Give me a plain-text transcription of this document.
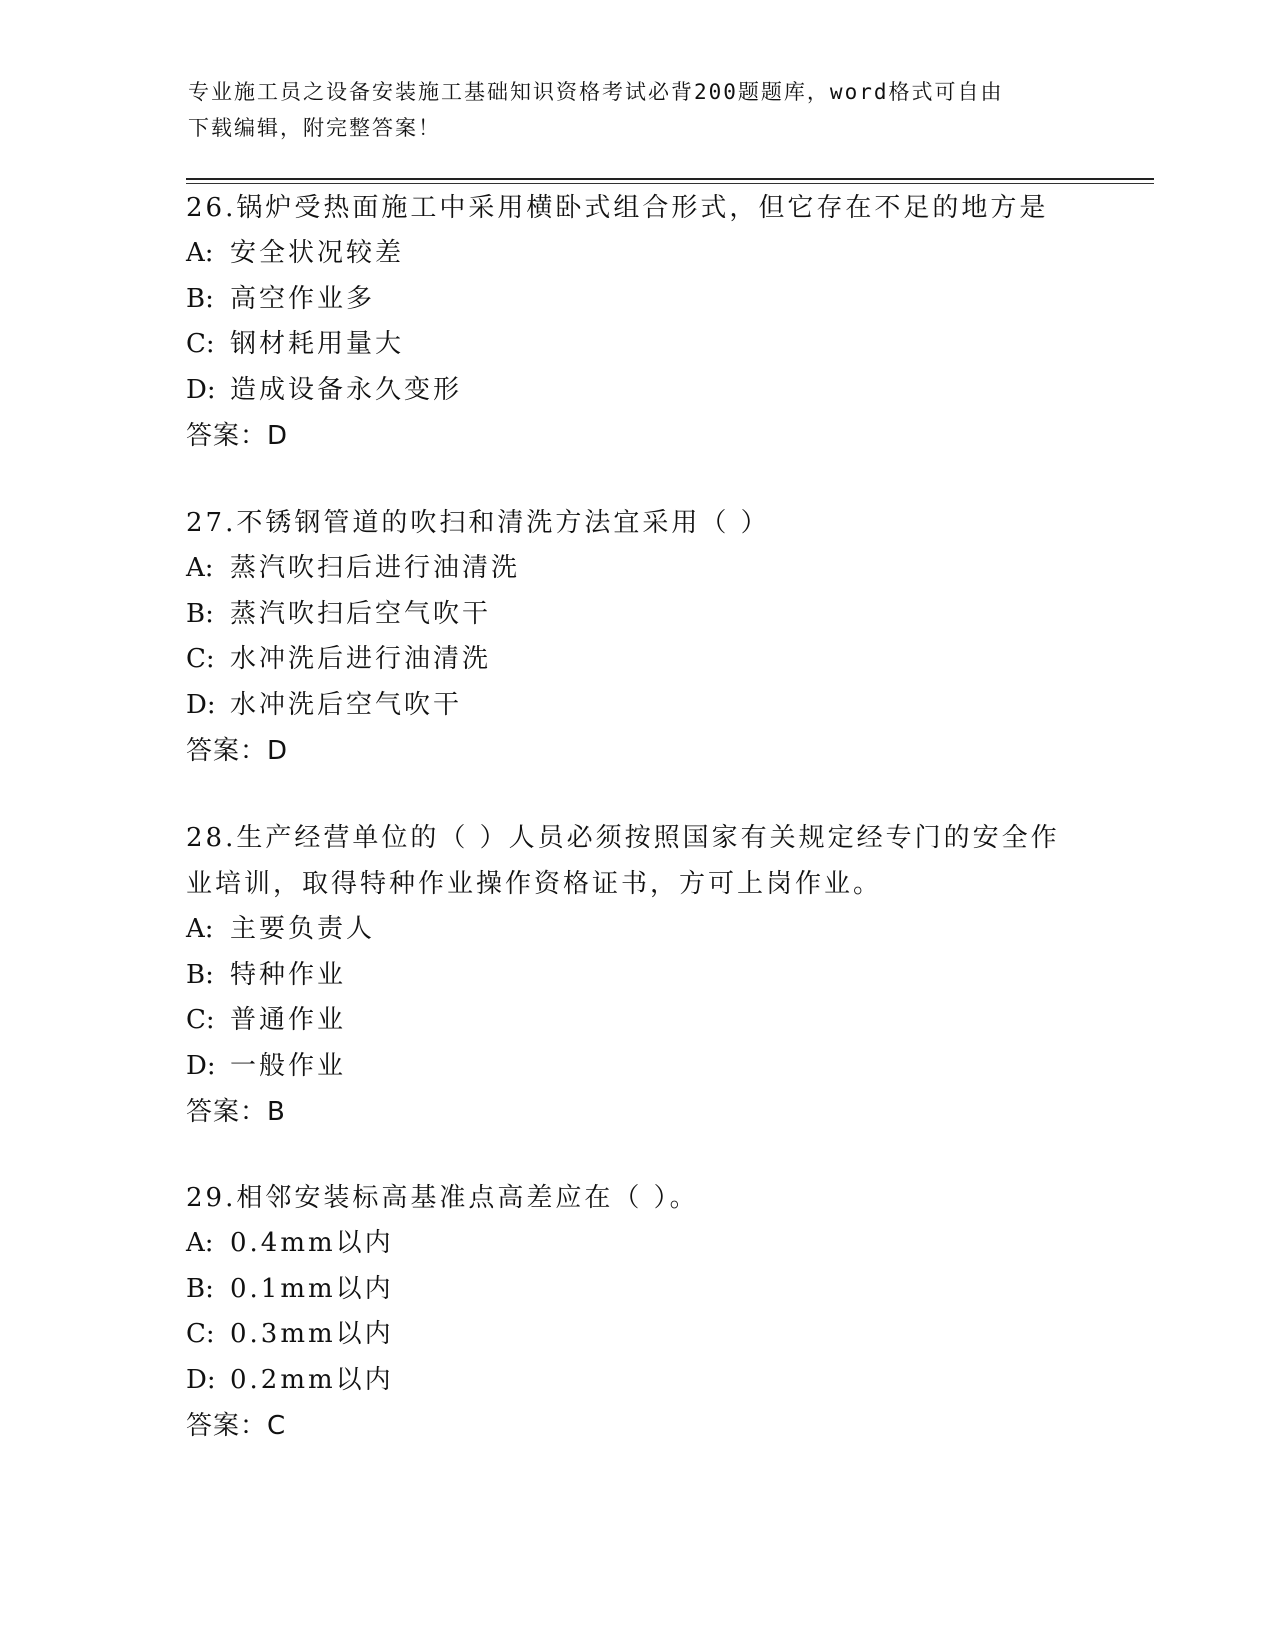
专业施工员之设备安装施工基础知识资格考试必背200题题库，word格式可自由
下载编辑，附完整答案！
26.锅炉受热面施工中采用横卧式组合形式，但它存在不足的地方是
A: 安全状况较差
B: 高空作业多
C: 钢材耗用量大
D: 造成设备永久变形
答案：D
27.不锈钢管道的吹扫和清洗方法宜采用（ ）
A: 蒸汽吹扫后进行油清洗
B: 蒸汽吹扫后空气吹干
C: 水冲洗后进行油清洗
D: 水冲洗后空气吹干
答案：D
28.生产经营单位的（ ）人员必须按照国家有关规定经专门的安全作
业培训，取得特种作业操作资格证书，方可上岗作业。
A: 主要负责人
B: 特种作业
C: 普通作业
D: 一般作业
答案：B
29.相邻安装标高基准点高差应在（ ）。
A: 0.4mm以内
B: 0.1mm以内
C: 0.3mm以内
D: 0.2mm以内
答案：C
